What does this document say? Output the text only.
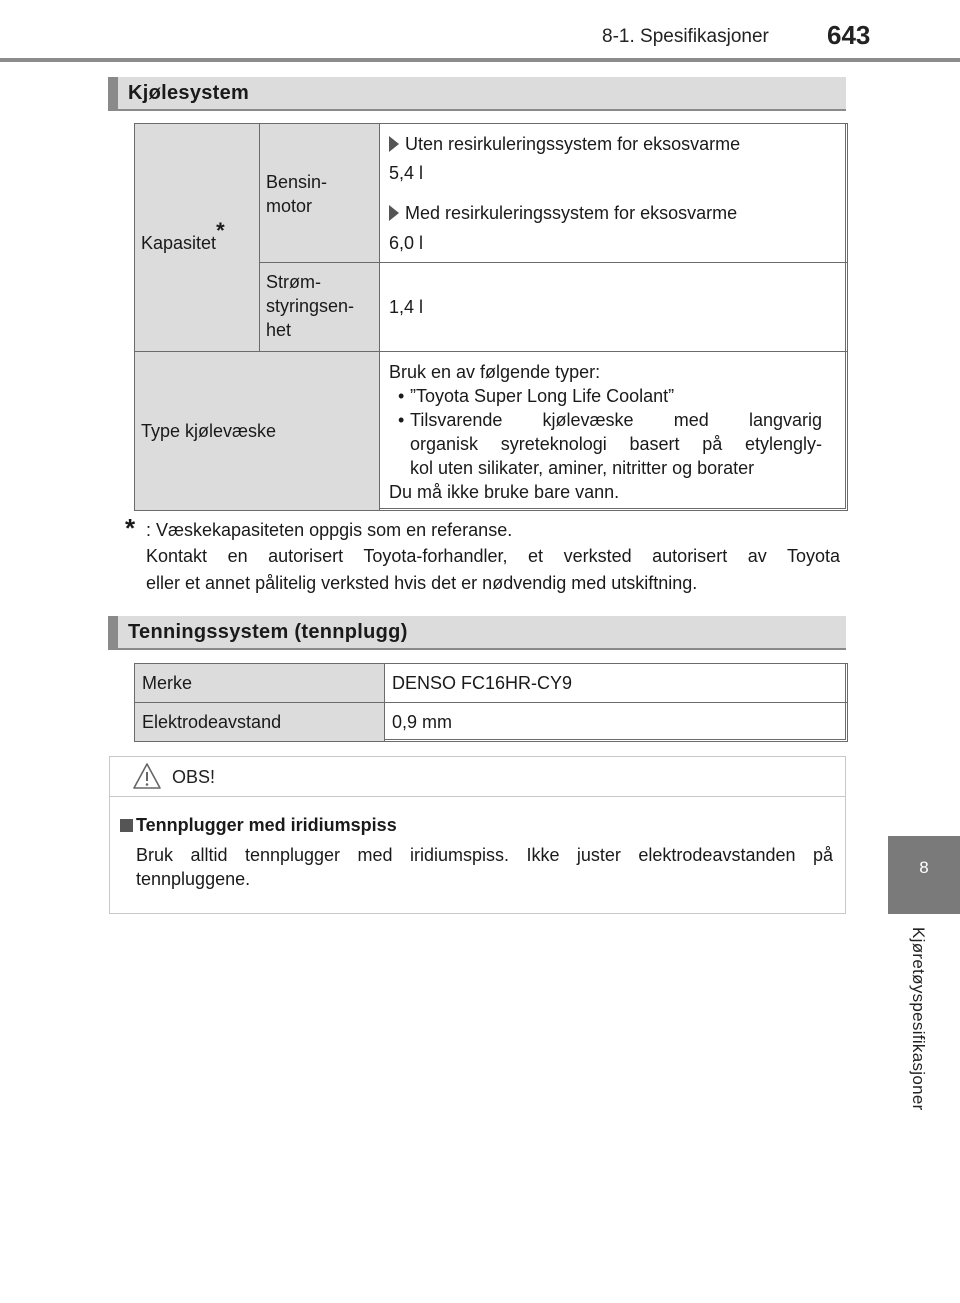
8-1. Spesifikasjoner 643
8
Kjøretøyspesifikasjoner
Kjølesystem
Kapasitet*
Bensin-
motor
Uten resirkuleringssystem for eksosvarme
5,4 l
Med resirkuleringssystem for eksosvarme
6,0 l
Strøm-
styringsen-
het
1,4 l
Type kjølevæske
Bruk en av følgende typer:
• ”Toyota Super Long Life Coolant”
• Tilsvarende kjølevæske med langvarig
organisk syreteknologi basert på etylengly-
kol uten silikater, aminer, nitritter og borater
Du må ikke bruke bare vann.
* : Væskekapasiteten oppgis som en referanse.
Kontakt en autorisert Toyota-forhandler, et verksted autorisert av Toyota
eller et annet pålitelig verksted hvis det er nødvendig med utskiftning.
Tenningssystem (tennplugg)
Merke	DENSO FC16HR-CY9
Elektrodeavstand	0,9 mm
OBS!
Tennplugger med iridiumspiss
Bruk alltid tennplugger med iridiumspiss. Ikke juster elektrodeavstanden på
tennpluggene.
